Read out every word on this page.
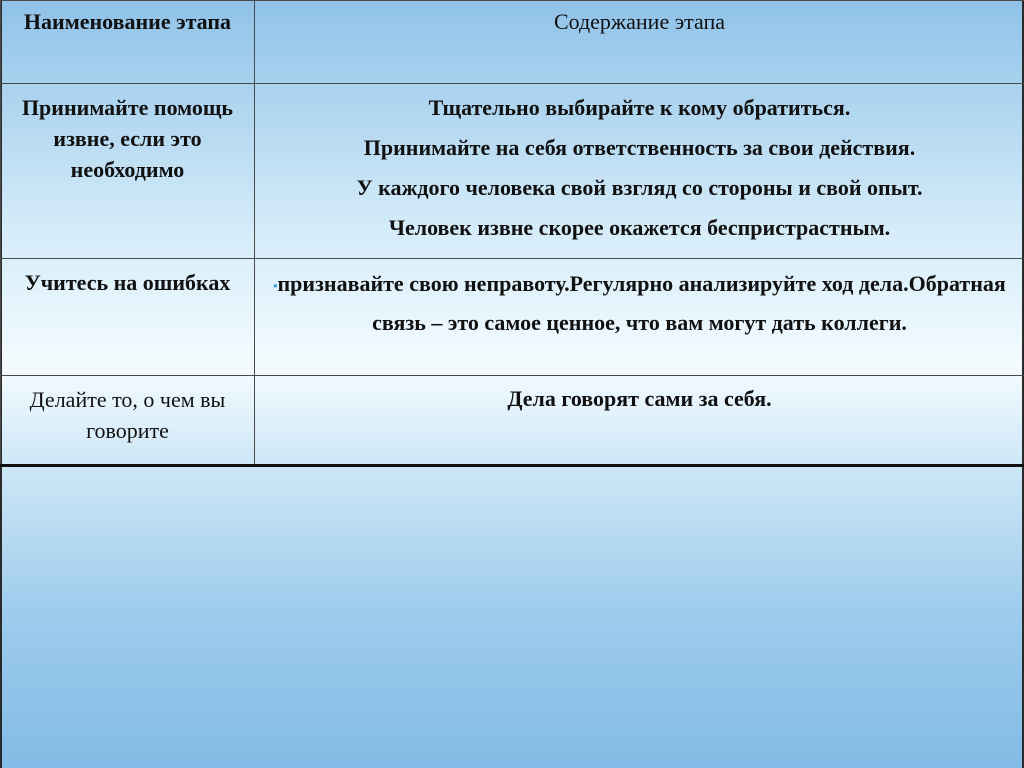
Наименование этапа	Содержание этапа
Принимайте помощь извне, если это необходимо	Тщательно выбирайте к кому обратиться.

Принимайте на себя ответственность за свои действия.

У каждого человека свой взгляд со стороны и свой опыт.

Человек извне скорее окажется беспристрастным.

Учитесь на ошибках	▪признавайте свою неправоту.Регулярно анализируйте ход дела.Обратная связь – это самое ценное, что вам могут дать коллеги.
Делайте то, о чем вы говорите	Дела говорят сами за себя.
